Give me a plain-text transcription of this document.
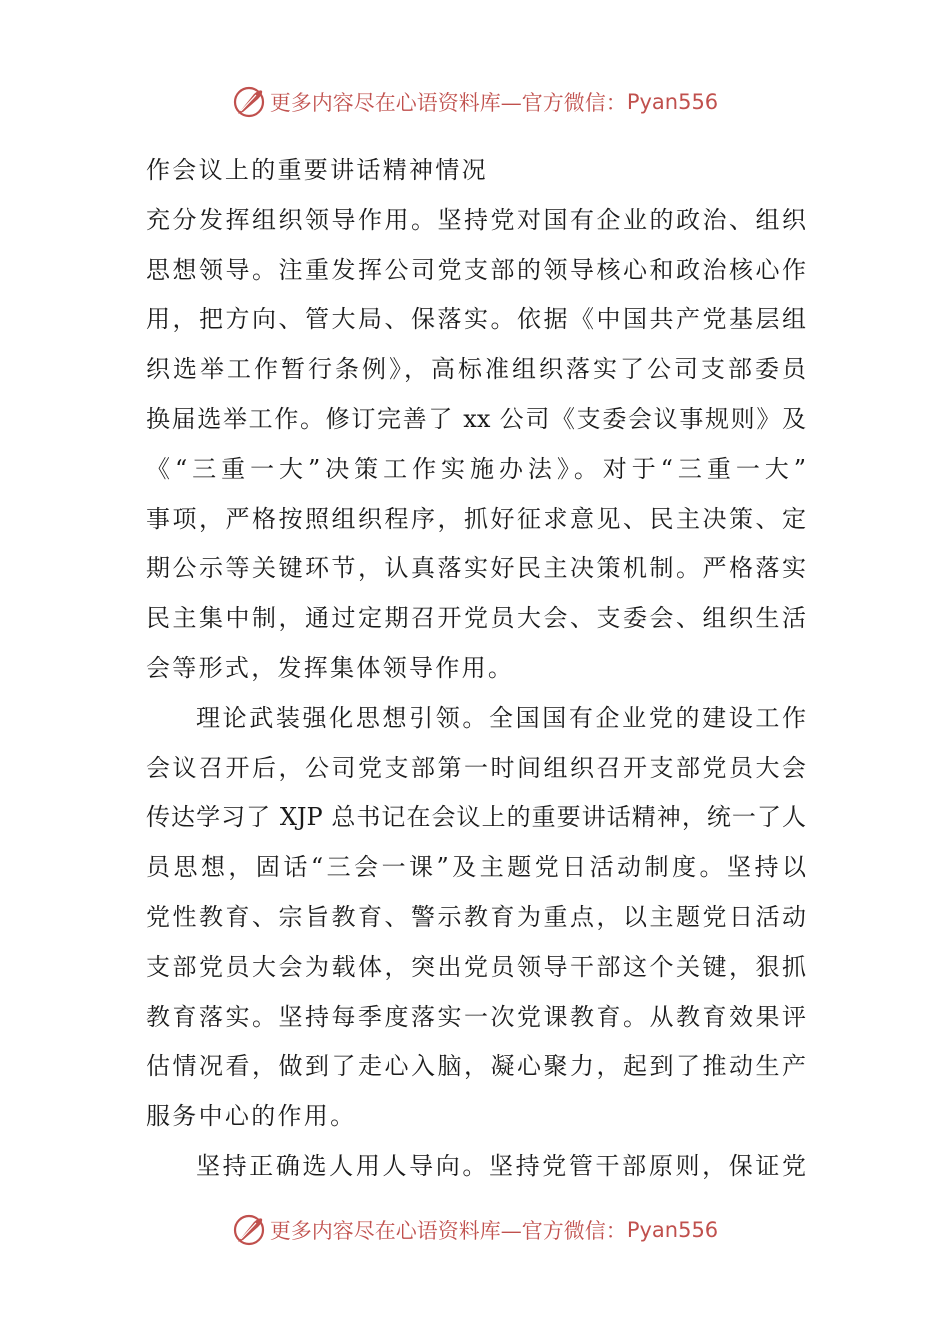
更多内容尽在心语资料库—官方微信： Pyan556
作会议上的重要讲话精神情况
充分发挥组织领导作用。坚持党对国有企业的政治、组织
思想领导。注重发挥公司党支部的领导核心和政治核心作
用，把方向、管大局、保落实。依据《中国共产党基层组
织选举工作暂行条例》，高标准组织落实了公司支部委员
换届选举工作。修订完善了 xx 公司《支委会议事规则》及
《“三重一大”决策工作实施办法》。对于“三重一大”
事项，严格按照组织程序，抓好征求意见、民主决策、定
期公示等关键环节，认真落实好民主决策机制。严格落实
民主集中制，通过定期召开党员大会、支委会、组织生活
会等形式，发挥集体领导作用。
理论武装强化思想引领。全国国有企业党的建设工作
会议召开后，公司党支部第一时间组织召开支部党员大会
传达学习了 XJP 总书记在会议上的重要讲话精神，统一了人
员思想，固话“三会一课”及主题党日活动制度。坚持以
党性教育、宗旨教育、警示教育为重点，以主题党日活动
支部党员大会为载体，突出党员领导干部这个关键，狠抓
教育落实。坚持每季度落实一次党课教育。从教育效果评
估情况看，做到了走心入脑，凝心聚力，起到了推动生产
服务中心的作用。
坚持正确选人用人导向。坚持党管干部原则，保证党
更多内容尽在心语资料库—官方微信： Pyan556
